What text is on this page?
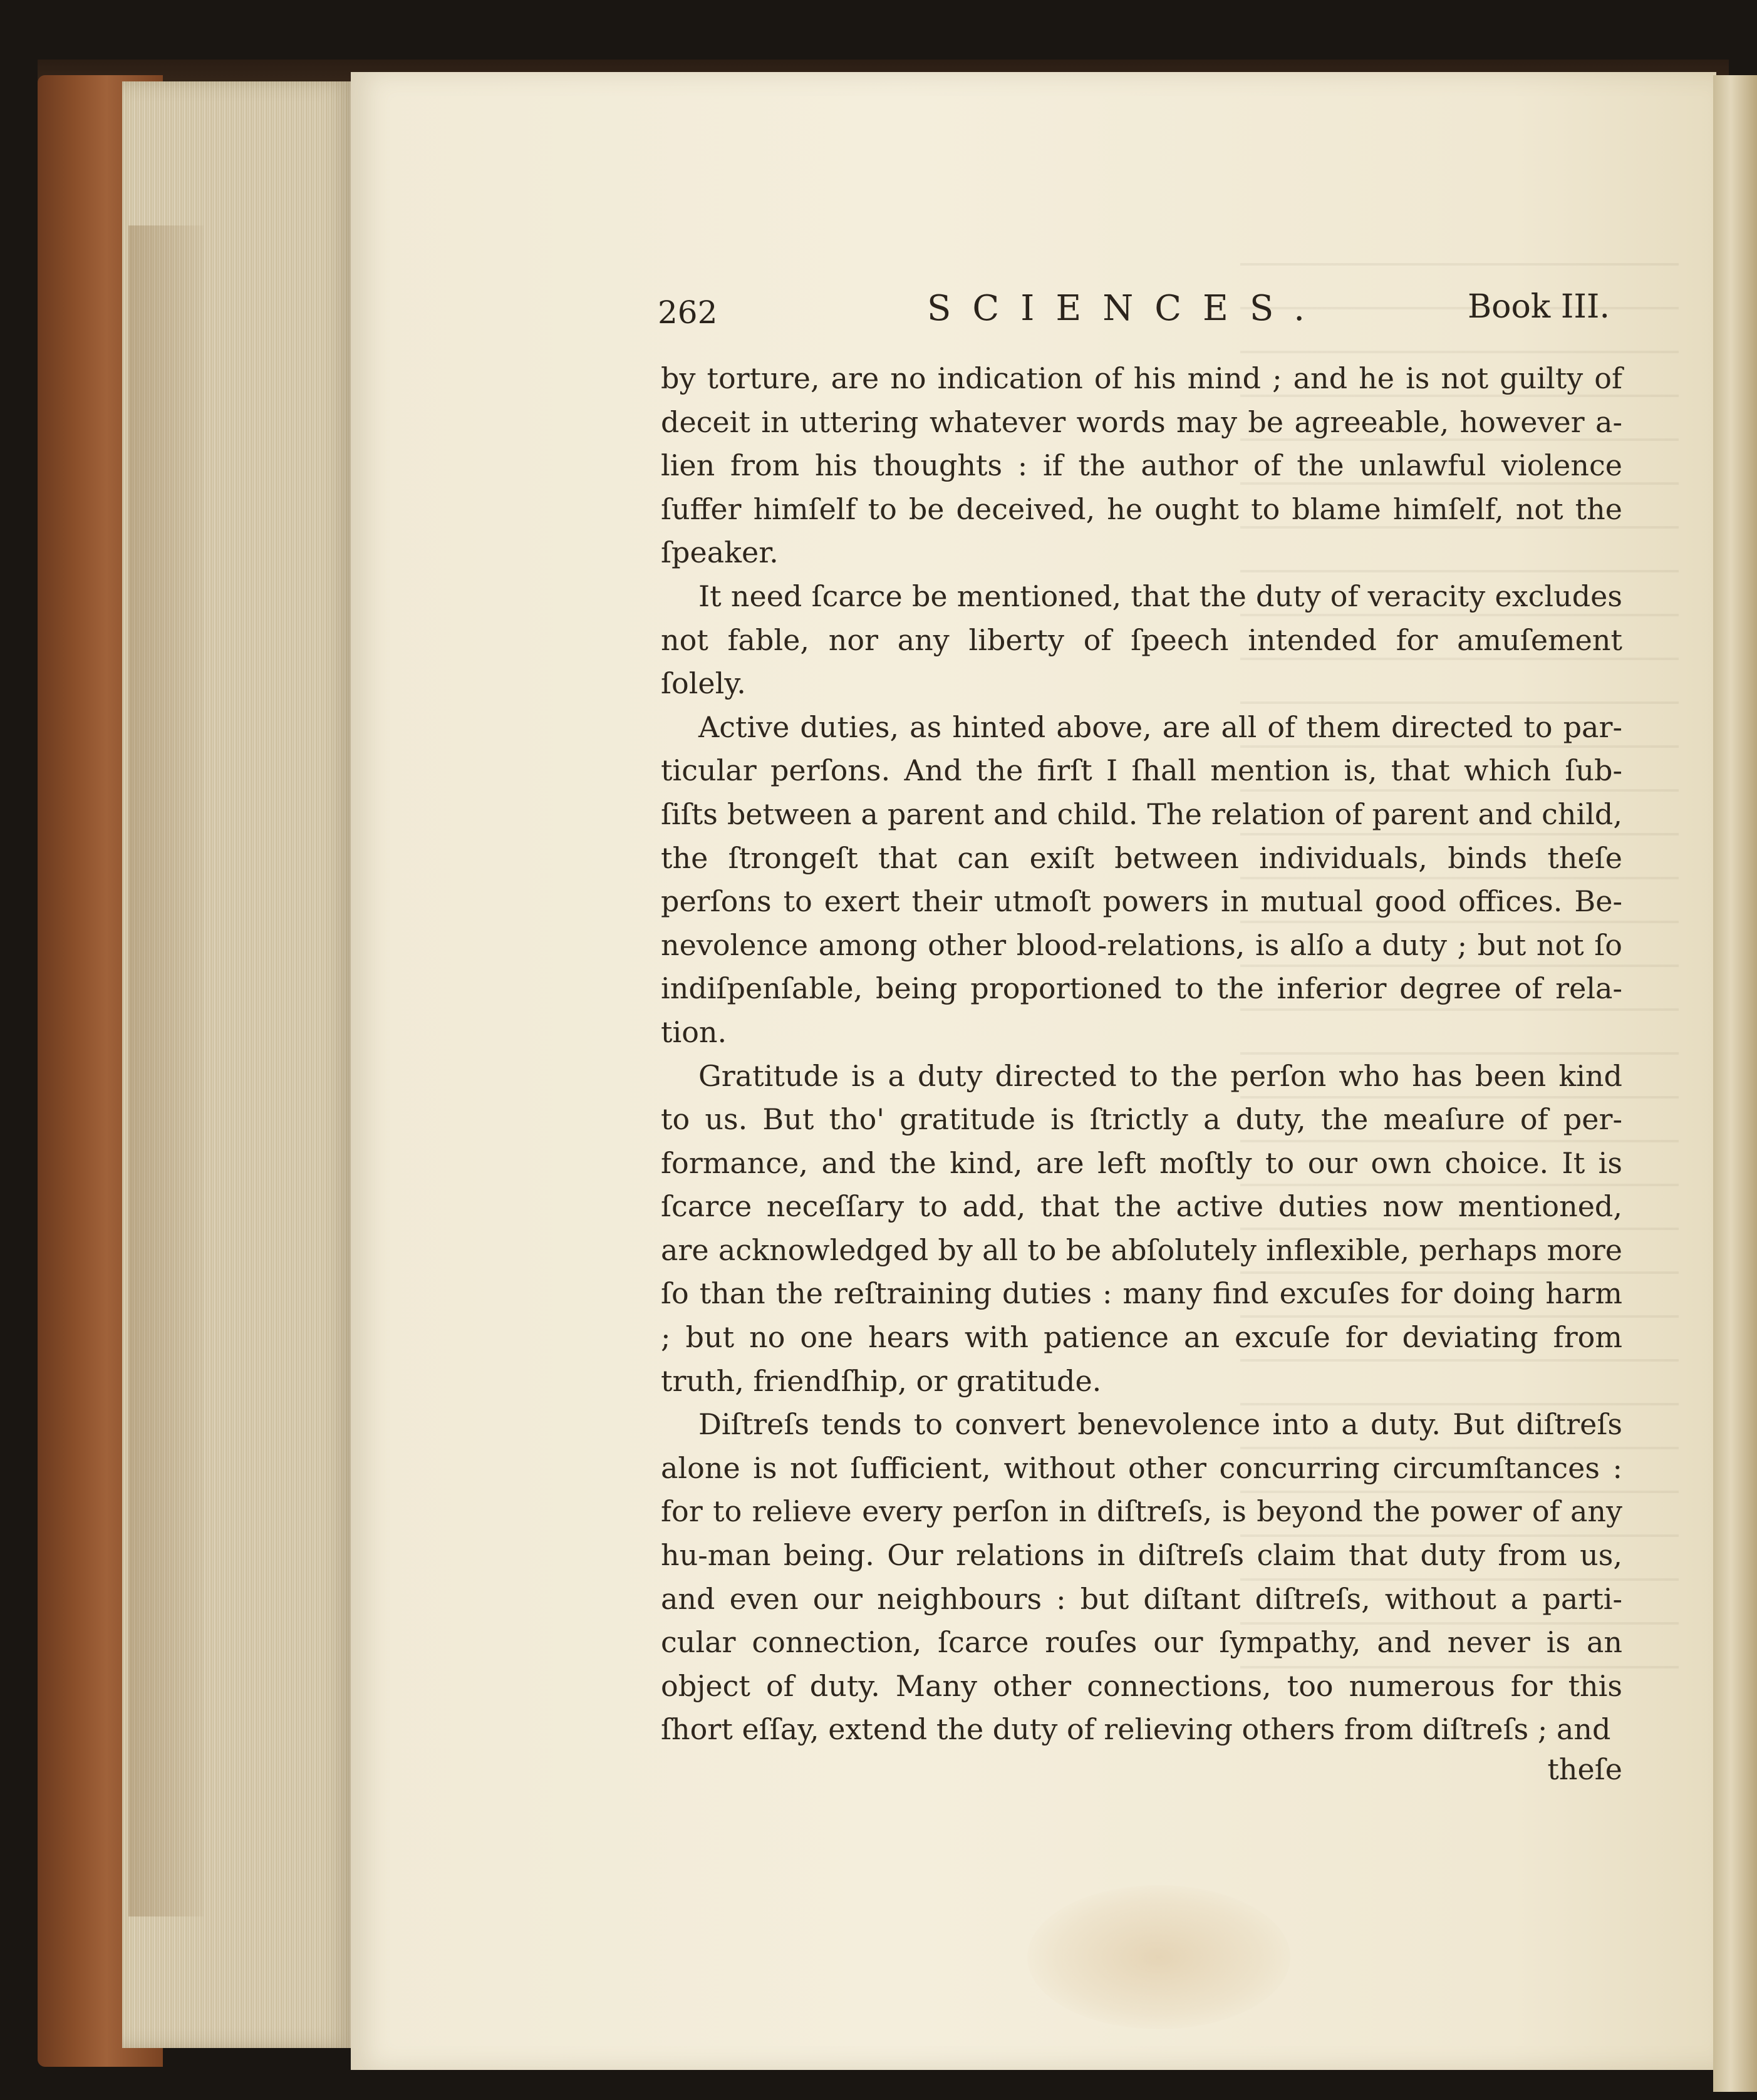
262	SCIENCES.	Book III.

by torture, are no indication of his mind ; and he is not guilty of deceit in uttering whatever words may be agreeable, however a-lien from his thoughts : if the author of the unlawful violence ſuffer himſelf to be deceived, he ought to blame himſelf, not the ſpeaker.

It need ſcarce be mentioned, that the duty of veracity excludes not fable, nor any liberty of ſpeech intended for amuſement ſolely.

Active duties, as hinted above, are all of them directed to par-ticular perſons. And the firſt I ſhall mention is, that which ſub-ſiſts between a parent and child. The relation of parent and child, the ſtrongeſt that can exiſt between individuals, binds theſe perſons to exert their utmoſt powers in mutual good offices. Be-nevolence among other blood-relations, is alſo a duty ; but not ſo indiſpenſable, being proportioned to the inferior degree of rela-tion.

Gratitude is a duty directed to the perſon who has been kind to us. But tho' gratitude is ſtrictly a duty, the meaſure of per-formance, and the kind, are left moſtly to our own choice. It is ſcarce neceſſary to add, that the active duties now mentioned, are acknowledged by all to be abſolutely inflexible, perhaps more ſo than the reſtraining duties : many find excuſes for doing harm ; but no one hears with patience an excuſe for deviating from truth, friendſhip, or gratitude.

Diſtreſs tends to convert benevolence into a duty. But diſtreſs alone is not ſufficient, without other concurring circumſtances : for to relieve every perſon in diſtreſs, is beyond the power of any hu-man being. Our relations in diſtreſs claim that duty from us, and even our neighbours : but diſtant diſtreſs, without a parti-cular connection, ſcarce rouſes our ſympathy, and never is an object of duty. Many other connections, too numerous for this ſhort eſſay, extend the duty of relieving others from diſtreſs ; and

theſe
